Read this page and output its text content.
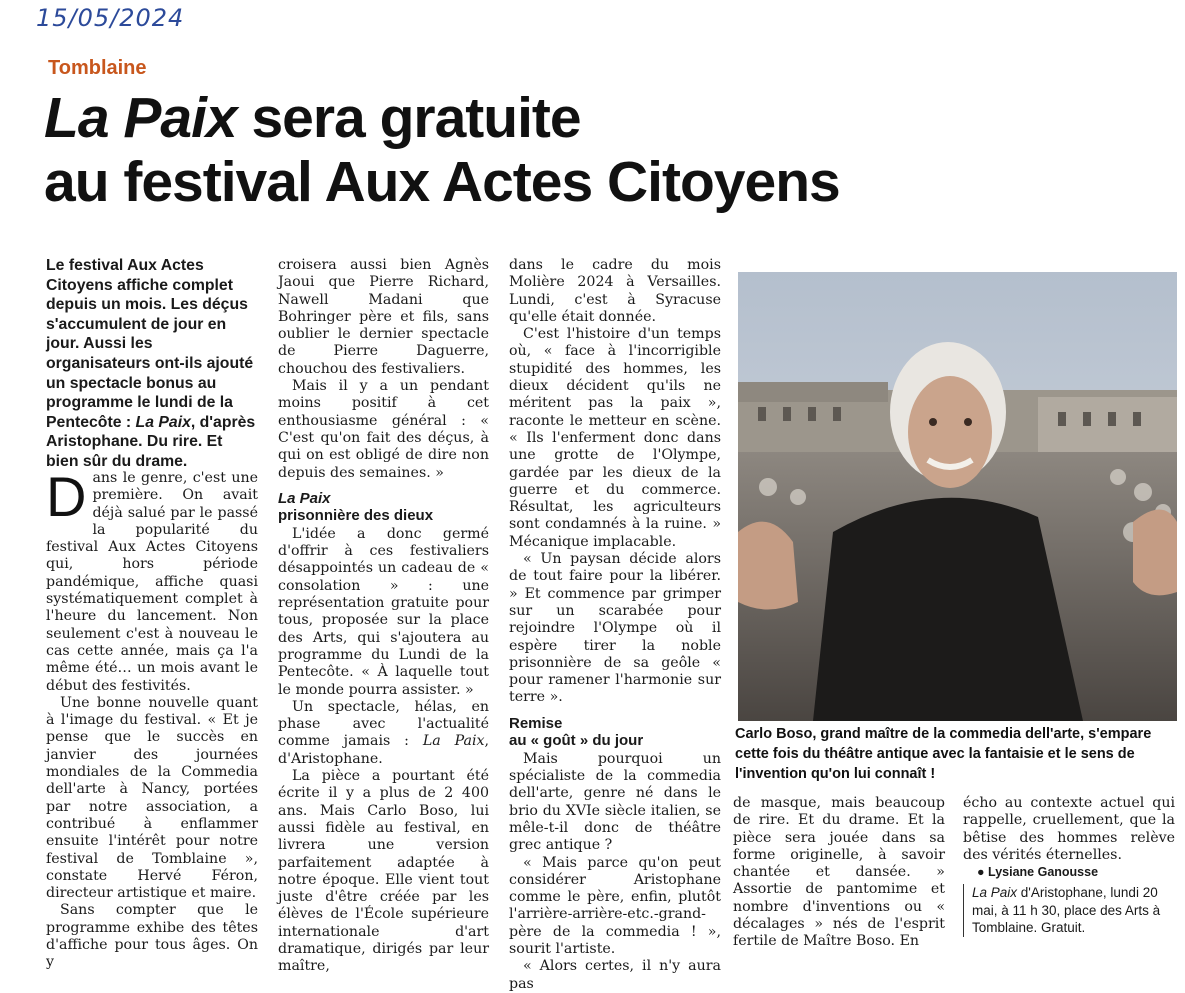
15/05/2024
Tomblaine
La Paix sera gratuite
au festival Aux Actes Citoyens
Le festival Aux Actes Citoyens affiche complet depuis un mois. Les déçus s'accumulent de jour en jour. Aussi les organisateurs ont-ils ajouté un spectacle bonus au programme le lundi de la Pentecôte : La Paix, d'après Aristophane. Du rire. Et bien sûr du drame.

Dans le genre, c'est une première. On avait déjà salué par le passé la popularité du festival Aux Actes Citoyens qui, hors période pandémique, affiche quasi systématiquement complet à l'heure du lancement. Non seulement c'est à nouveau le cas cette année, mais ça l'a même été… un mois avant le début des festivités.

Une bonne nouvelle quant à l'image du festival. « Et je pense que le succès en janvier des journées mondiales de la Commedia dell'arte à Nancy, portées par notre association, a contribué à enflammer ensuite l'intérêt pour notre festival de Tomblaine », constate Hervé Féron, directeur artistique et maire.

Sans compter que le programme exhibe des têtes d'affiche pour tous âges. On y

croisera aussi bien Agnès Jaoui que Pierre Richard, Nawell Madani que Bohringer père et fils, sans oublier le dernier spectacle de Pierre Daguerre, chouchou des festivaliers.

Mais il y a un pendant moins positif à cet enthousiasme général : « C'est qu'on fait des déçus, à qui on est obligé de dire non depuis des semaines. »

La Paix
prisonnière des dieux

L'idée a donc germé d'offrir à ces festivaliers désappointés un cadeau de « consolation » : une représentation gratuite pour tous, proposée sur la place des Arts, qui s'ajoutera au programme du Lundi de la Pentecôte. « À laquelle tout le monde pourra assister. »

Un spectacle, hélas, en phase avec l'actualité comme jamais : La Paix, d'Aristophane.

La pièce a pourtant été écrite il y a plus de 2 400 ans. Mais Carlo Boso, lui aussi fidèle au festival, en livrera une version parfaitement adaptée à notre époque. Elle vient tout juste d'être créée par les élèves de l'École supérieure internationale d'art dramatique, dirigés par leur maître,

dans le cadre du mois Molière 2024 à Versailles. Lundi, c'est à Syracuse qu'elle était donnée.

C'est l'histoire d'un temps où, « face à l'incorrigible stupidité des hommes, les dieux décident qu'ils ne méritent pas la paix », raconte le metteur en scène. « Ils l'enferment donc dans une grotte de l'Olympe, gardée par les dieux de la guerre et du commerce. Résultat, les agriculteurs sont condamnés à la ruine. » Mécanique implacable.

« Un paysan décide alors de tout faire pour la libérer. » Et commence par grimper sur un scarabée pour rejoindre l'Olympe où il espère tirer la noble prisonnière de sa geôle « pour ramener l'harmonie sur terre ».

Remise
au « goût » du jour

Mais pourquoi un spécialiste de la commedia dell'arte, genre né dans le brio du XVIe siècle italien, se mêle-t-il donc de théâtre grec antique ?

« Mais parce qu'on peut considérer Aristophane comme le père, enfin, plutôt l'arrière-arrière-etc.-grand-père de la commedia ! », sourit l'artiste.

« Alors certes, il n'y aura pas

Carlo Boso, grand maître de la commedia dell'arte, s'empare cette fois du théâtre antique avec la fantaisie et le sens de l'invention qu'on lui connaît !

de masque, mais beaucoup de rire. Et du drame. Et la pièce sera jouée dans sa forme originelle, à savoir chantée et dansée. » Assortie de pantomime et nombre d'inventions ou « décalages » nés de l'esprit fertile de Maître Boso. En

écho au contexte actuel qui rappelle, cruellement, que la bêtise des hommes relève des vérités éternelles.

● Lysiane Ganousse

La Paix d'Aristophane, lundi 20 mai, à 11 h 30, place des Arts à Tomblaine. Gratuit.
